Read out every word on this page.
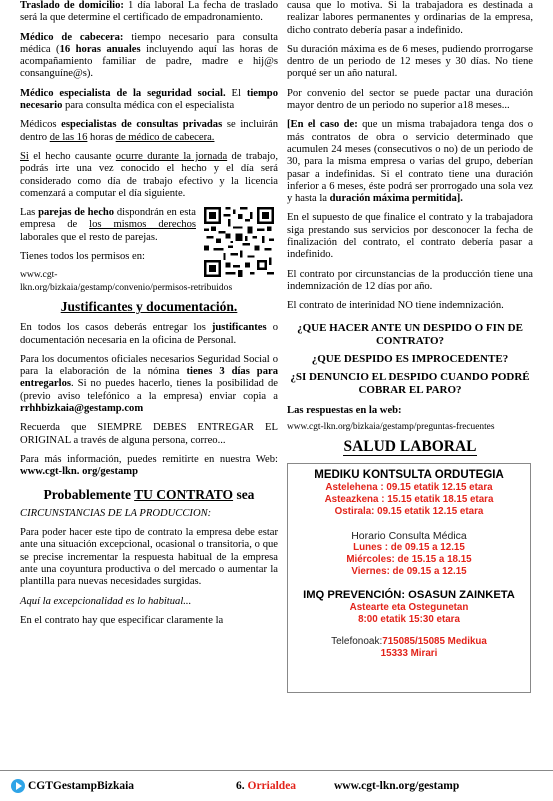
Traslado de domicilio: 1 día laboral La fecha de traslado será la que determine el certificado de empadronamiento.

Médico de cabecera: tiempo necesario para consulta médica (16 horas anuales incluyendo aquí las horas de acompañamiento familiar de padre, madre e hij@s consanguíne@s).

Médico especialista de la seguridad social. El tiempo necesario para consulta médica con el especialista

Médicos especialistas de consultas privadas se incluirán dentro de las 16 horas de médico de cabecera.

Si el hecho causante ocurre durante la jornada de trabajo, podrás irte una vez conocido el hecho y el día será considerado como día de trabajo efectivo y la licencia comenzará a computar el día siguiente.

Las parejas de hecho dispondrán en esta empresa de los mismos derechos laborales que el resto de parejas.

Tienes todos los permisos en:

www.cgt-lkn.org/bizkaia/gestamp/convenio/permisos-retribuidos

Justificantes y documentación.

En todos los casos deberás entregar los justificantes o documentación necesaria en la oficina de Personal.

Para los documentos oficiales necesarios Seguridad Social o para la elaboración de la nómina tienes 3 días para entregarlos. Si no puedes hacerlo, tienes la posibilidad de (previo aviso telefónico a la empresa) enviar copia a rrhhbizkaia@gestamp.com

Recuerda que SIEMPRE DEBES ENTREGAR EL ORIGINAL a través de alguna persona, correo...

Para más información, puedes remitirte en nuestra Web: www.cgt-lkn. org/gestamp

Probablemente TU CONTRATO sea

CIRCUNSTANCIAS DE LA PRODUCCION:

Para poder hacer este tipo de contrato la empresa debe estar ante una situación excepcional, ocasional o transitoria, o que se precise incrementar la respuesta habitual de la empresa ante una coyuntura productiva o del mercado o aumentar la plantilla para nuevas necesidades surgidas.

Aquí la excepcionalidad es lo habitual...

En el contrato hay que especificar claramente la

causa que lo motiva. Si la trabajadora es destinada a realizar labores permanentes y ordinarias de la empresa, dicho contrato debería pasar a indefinido.

Su duración máxima es de 6 meses, pudiendo prorrogarse dentro de un periodo de 12 meses y 30 días. No tiene porqué ser un año natural.

Por convenio del sector se puede pactar una duración mayor dentro de un periodo no superior a18 meses...

[En el caso de: que un misma trabajadora tenga dos o más contratos de obra o servicio determinado que acumulen 24 meses (consecutivos o no) de un periodo de 30, para la misma empresa o varias del grupo, deberían pasar a indefinidas. Si el contrato tiene una duración inferior a 6 meses, éste podrá ser prorrogado una sola vez y hasta la duración máxima permitida].

En el supuesto de que finalice el contrato y la trabajadora siga prestando sus servicios por desconocer la fecha de finalización del contrato, el contrato debería pasar a indefinido.

El contrato por circunstancias de la producción tiene una indemnización de 12 días por año.

El contrato de interinidad NO tiene indemnización.

¿QUE HACER ANTE UN DESPIDO O FIN DE CONTRATO?
¿QUE DESPIDO ES IMPROCEDENTE?
¿SI DENUNCIO EL DESPIDO CUANDO PODRÉ COBRAR EL PARO?

Las respuestas en la web:

www.cgt-lkn.org/bizkaia/gestamp/preguntas-frecuentes

SALUD LABORAL
MEDIKU KONTSULTA ORDUTEGIA
Astelehena : 09.15 etatik 12.15 etara
Asteazkena : 15.15 etatik 18.15 etara
Ostirala: 09.15 etatik 12.15 etara
Horario Consulta Médica
Lunes : de 09.15 a 12.15
Miércoles: de 15.15 a 18.15
Viernes: de 09.15 a 12.15
IMQ PREVENCIÓN: OSASUN ZAINKETA
Astearte eta Ostegunetan
8:00 etatik 15:30 etara
Telefonoak:715085/15085 Medikua
15333 Mirari
CGTGestampBizkaia	6. Orrialdea	www.cgt-lkn.org/gestamp
